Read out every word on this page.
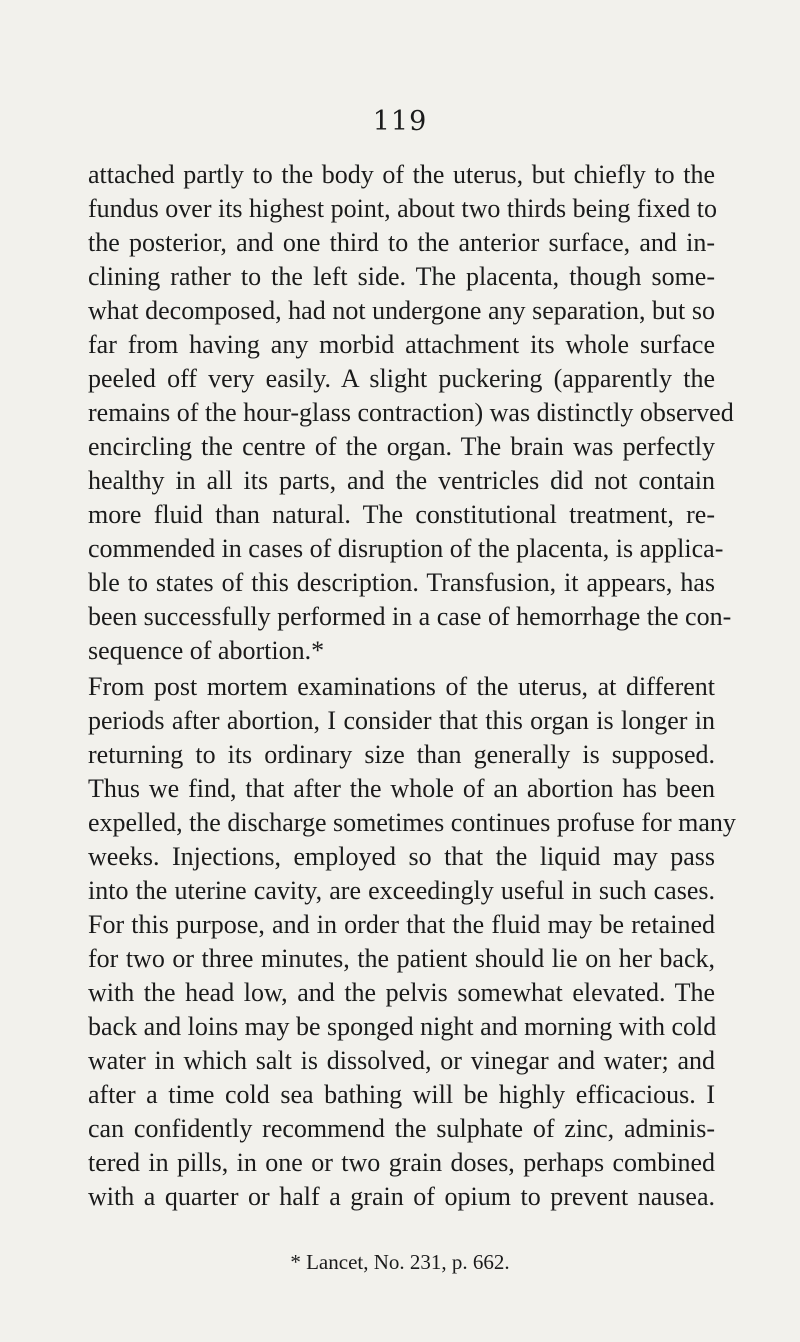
119
attached partly to the body of the uterus, but chiefly to the
fundus over its highest point, about two thirds being fixed to
the posterior, and one third to the anterior surface, and in-
clining rather to the left side. The placenta, though some-
what decomposed, had not undergone any separation, but so
far from having any morbid attachment its whole surface
peeled off very easily. A slight puckering (apparently the
remains of the hour-glass contraction) was distinctly observed
encircling the centre of the organ. The brain was perfectly
healthy in all its parts, and the ventricles did not contain
more fluid than natural. The constitutional treatment, re-
commended in cases of disruption of the placenta, is applica-
ble to states of this description. Transfusion, it appears, has
been successfully performed in a case of hemorrhage the con-
sequence of abortion.*
From post mortem examinations of the uterus, at different
periods after abortion, I consider that this organ is longer in
returning to its ordinary size than generally is supposed.
Thus we find, that after the whole of an abortion has been
expelled, the discharge sometimes continues profuse for many
weeks. Injections, employed so that the liquid may pass
into the uterine cavity, are exceedingly useful in such cases.
For this purpose, and in order that the fluid may be retained
for two or three minutes, the patient should lie on her back,
with the head low, and the pelvis somewhat elevated. The
back and loins may be sponged night and morning with cold
water in which salt is dissolved, or vinegar and water; and
after a time cold sea bathing will be highly efficacious. I
can confidently recommend the sulphate of zinc, adminis-
tered in pills, in one or two grain doses, perhaps combined
with a quarter or half a grain of opium to prevent nausea.
* Lancet, No. 231, p. 662.
